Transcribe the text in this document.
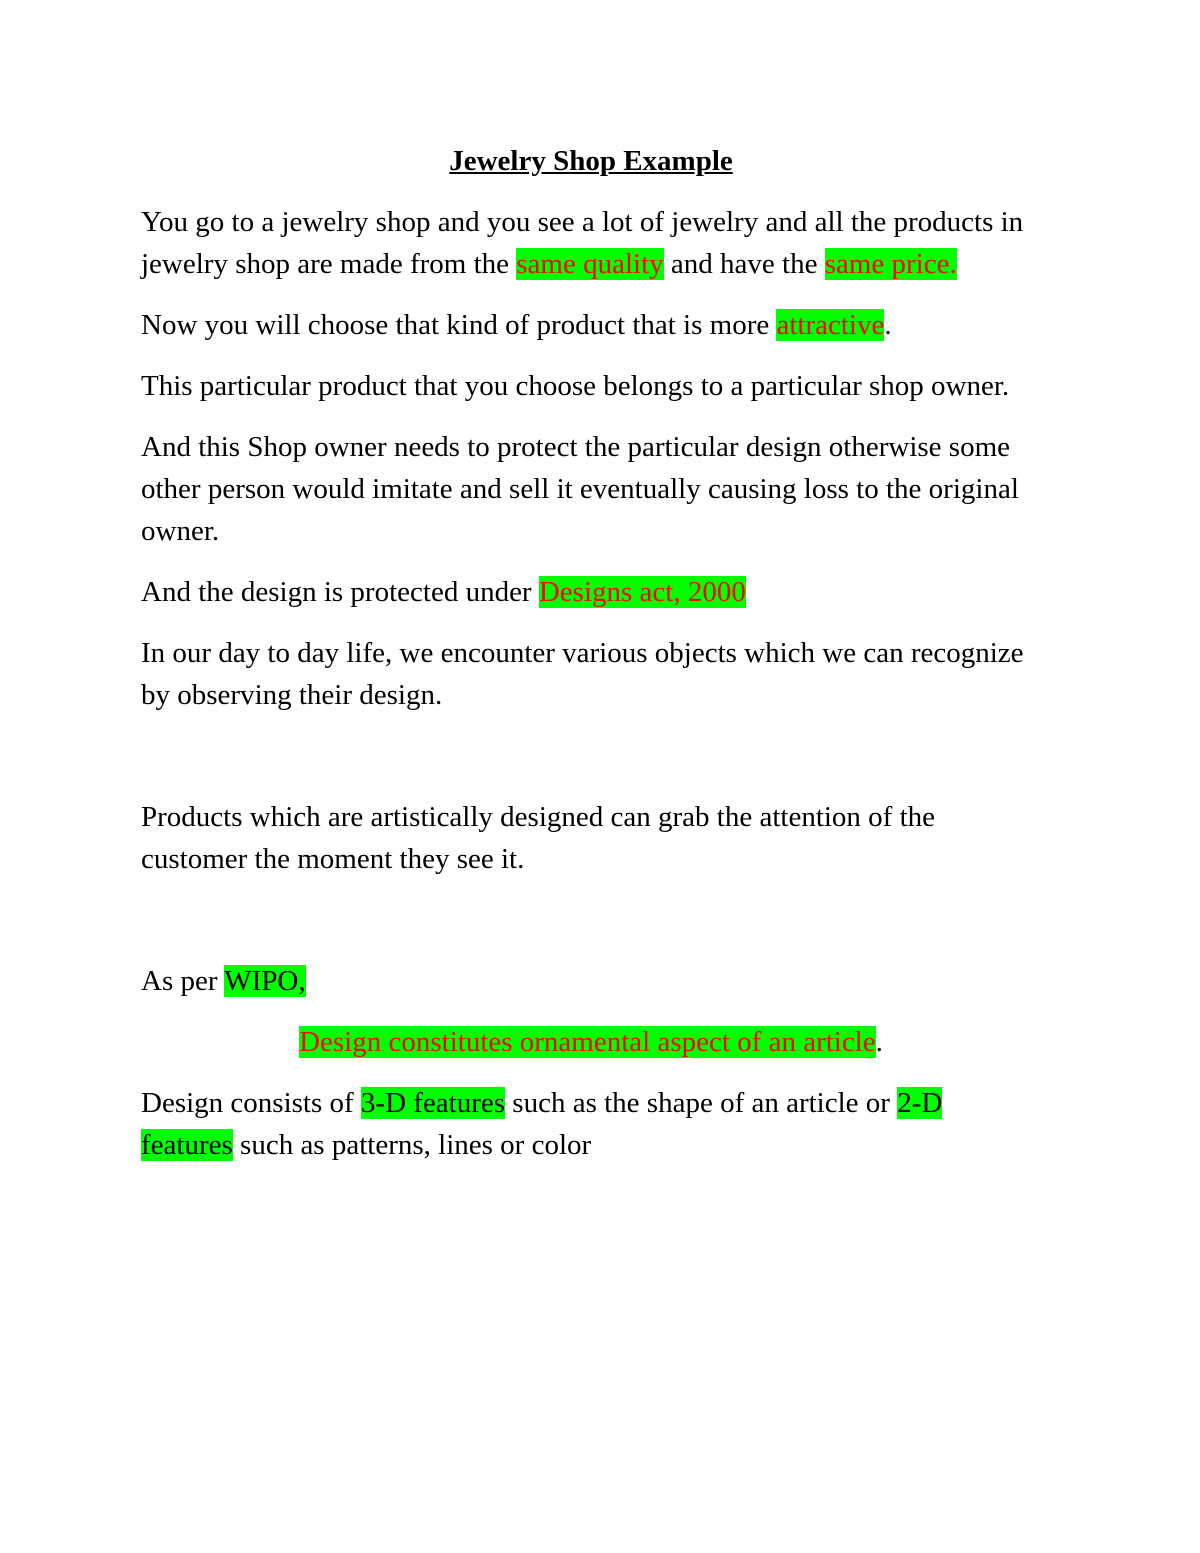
Jewelry Shop Example
You go to a jewelry shop and you see a lot of jewelry and all the products in jewelry shop are made from the same quality and have the same price.
Now you will choose that kind of product that is more attractive.
This particular product that you choose belongs to a particular shop owner.
And this Shop owner needs to protect the particular design otherwise some other person would imitate and sell it eventually causing loss to the original owner.
And the design is protected under Designs act, 2000
In our day to day life, we encounter various objects which we can recognize by observing their design.
Products which are artistically designed can grab the attention of the customer the moment they see it.
As per WIPO,
Design constitutes ornamental aspect of an article.
Design consists of 3-D features such as the shape of an article or 2-D features such as patterns, lines or color
